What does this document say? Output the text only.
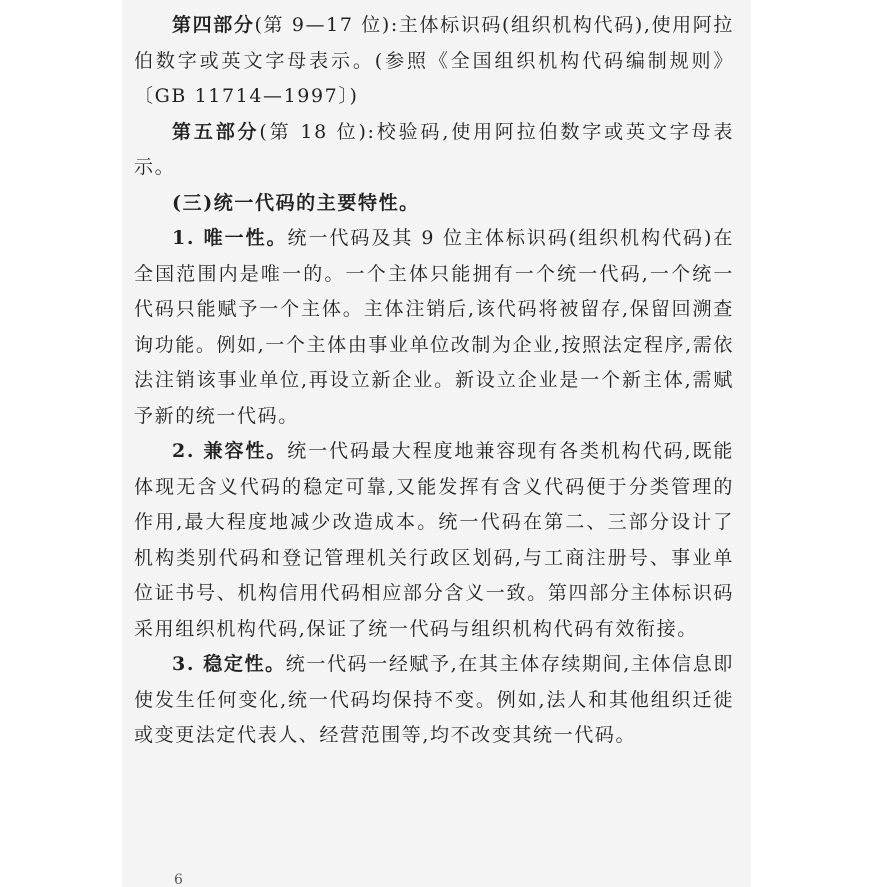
第四部分(第 9—17 位):主体标识码(组织机构代码),使用阿拉伯数字或英文字母表示。(参照《全国组织机构代码编制规则》〔GB 11714—1997〕)

第五部分(第 18 位):校验码,使用阿拉伯数字或英文字母表示。

(三)统一代码的主要特性。

1. 唯一性。统一代码及其 9 位主体标识码(组织机构代码)在全国范围内是唯一的。一个主体只能拥有一个统一代码,一个统一代码只能赋予一个主体。主体注销后,该代码将被留存,保留回溯查询功能。例如,一个主体由事业单位改制为企业,按照法定程序,需依法注销该事业单位,再设立新企业。新设立企业是一个新主体,需赋予新的统一代码。

2. 兼容性。统一代码最大程度地兼容现有各类机构代码,既能体现无含义代码的稳定可靠,又能发挥有含义代码便于分类管理的作用,最大程度地减少改造成本。统一代码在第二、三部分设计了机构类别代码和登记管理机关行政区划码,与工商注册号、事业单位证书号、机构信用代码相应部分含义一致。第四部分主体标识码采用组织机构代码,保证了统一代码与组织机构代码有效衔接。

3. 稳定性。统一代码一经赋予,在其主体存续期间,主体信息即使发生任何变化,统一代码均保持不变。例如,法人和其他组织迁徙或变更法定代表人、经营范围等,均不改变其统一代码。

6
